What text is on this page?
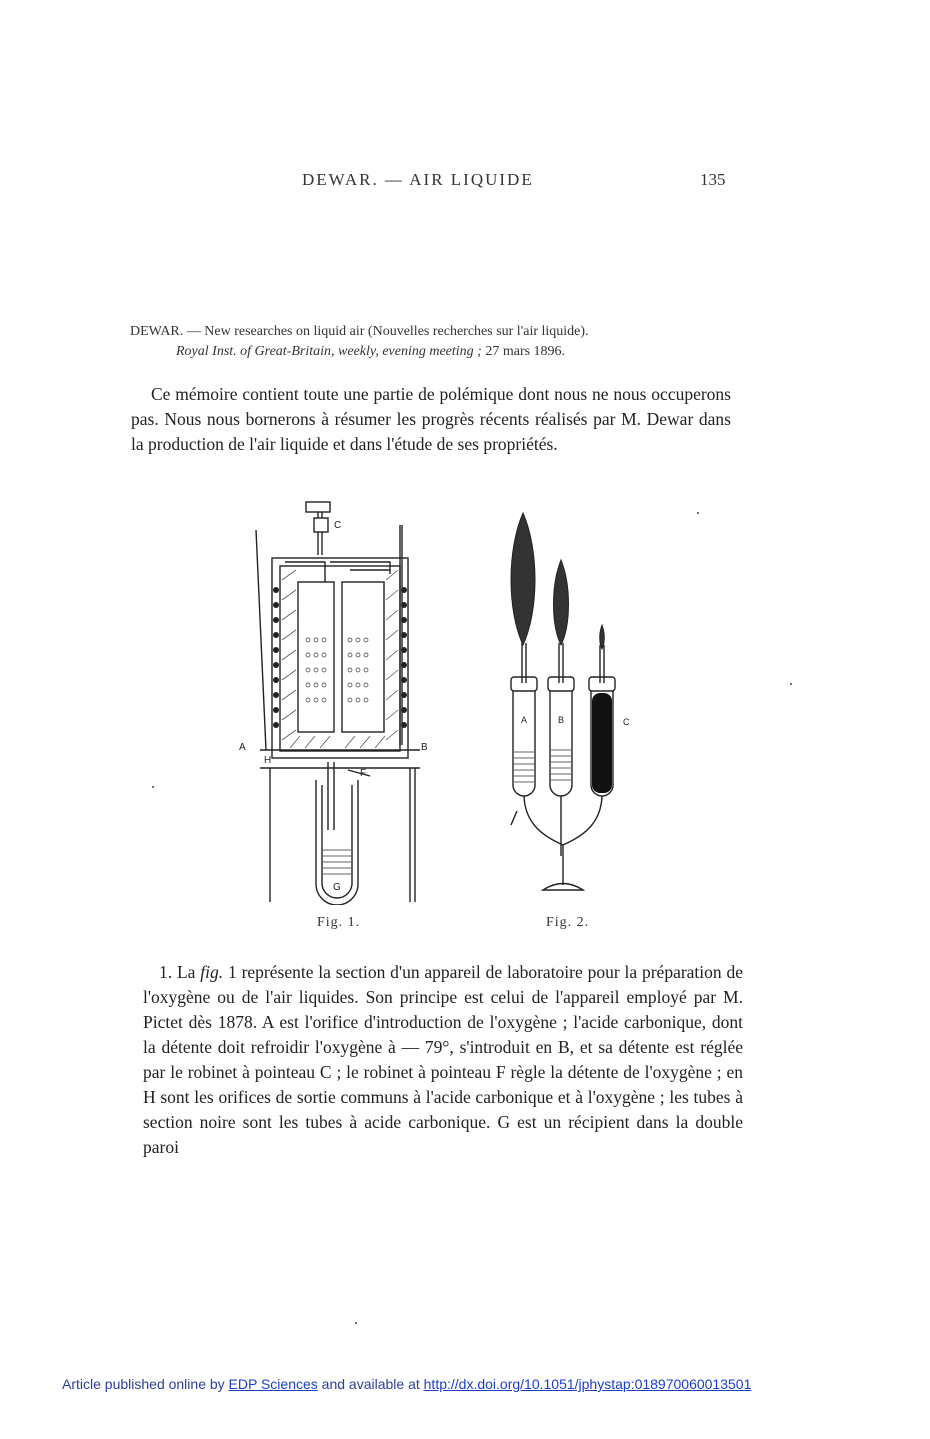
DEWAR. — AIR LIQUIDE	135
DEWAR. — New researches on liquid air (Nouvelles recherches sur l'air liquide).
Royal Inst. of Great-Britain, weekly, evening meeting ; 27 mars 1896.
Ce mémoire contient toute une partie de polémique dont nous ne nous occuperons pas. Nous nous bornerons à résumer les progrès récents réalisés par M. Dewar dans la production de l'air liquide et dans l'étude de ses propriétés.
C
A	B
H
F
G
A	B	C
Fig. 1.	Fig. 2.
1. La fig. 1 représente la section d'un appareil de laboratoire pour la préparation de l'oxygène ou de l'air liquides. Son principe est celui de l'appareil employé par M. Pictet dès 1878. A est l'orifice d'introduction de l'oxygène ; l'acide carbonique, dont la détente doit refroidir l'oxygène à — 79°, s'introduit en B, et sa détente est réglée par le robinet à pointeau C ; le robinet à pointeau F règle la détente de l'oxygène ; en H sont les orifices de sortie communs à l'acide carbonique et à l'oxygène ; les tubes à section noire sont les tubes à acide carbonique. G est un récipient dans la double paroi
Article published online by EDP Sciences and available at http://dx.doi.org/10.1051/jphystap:018970060013501
